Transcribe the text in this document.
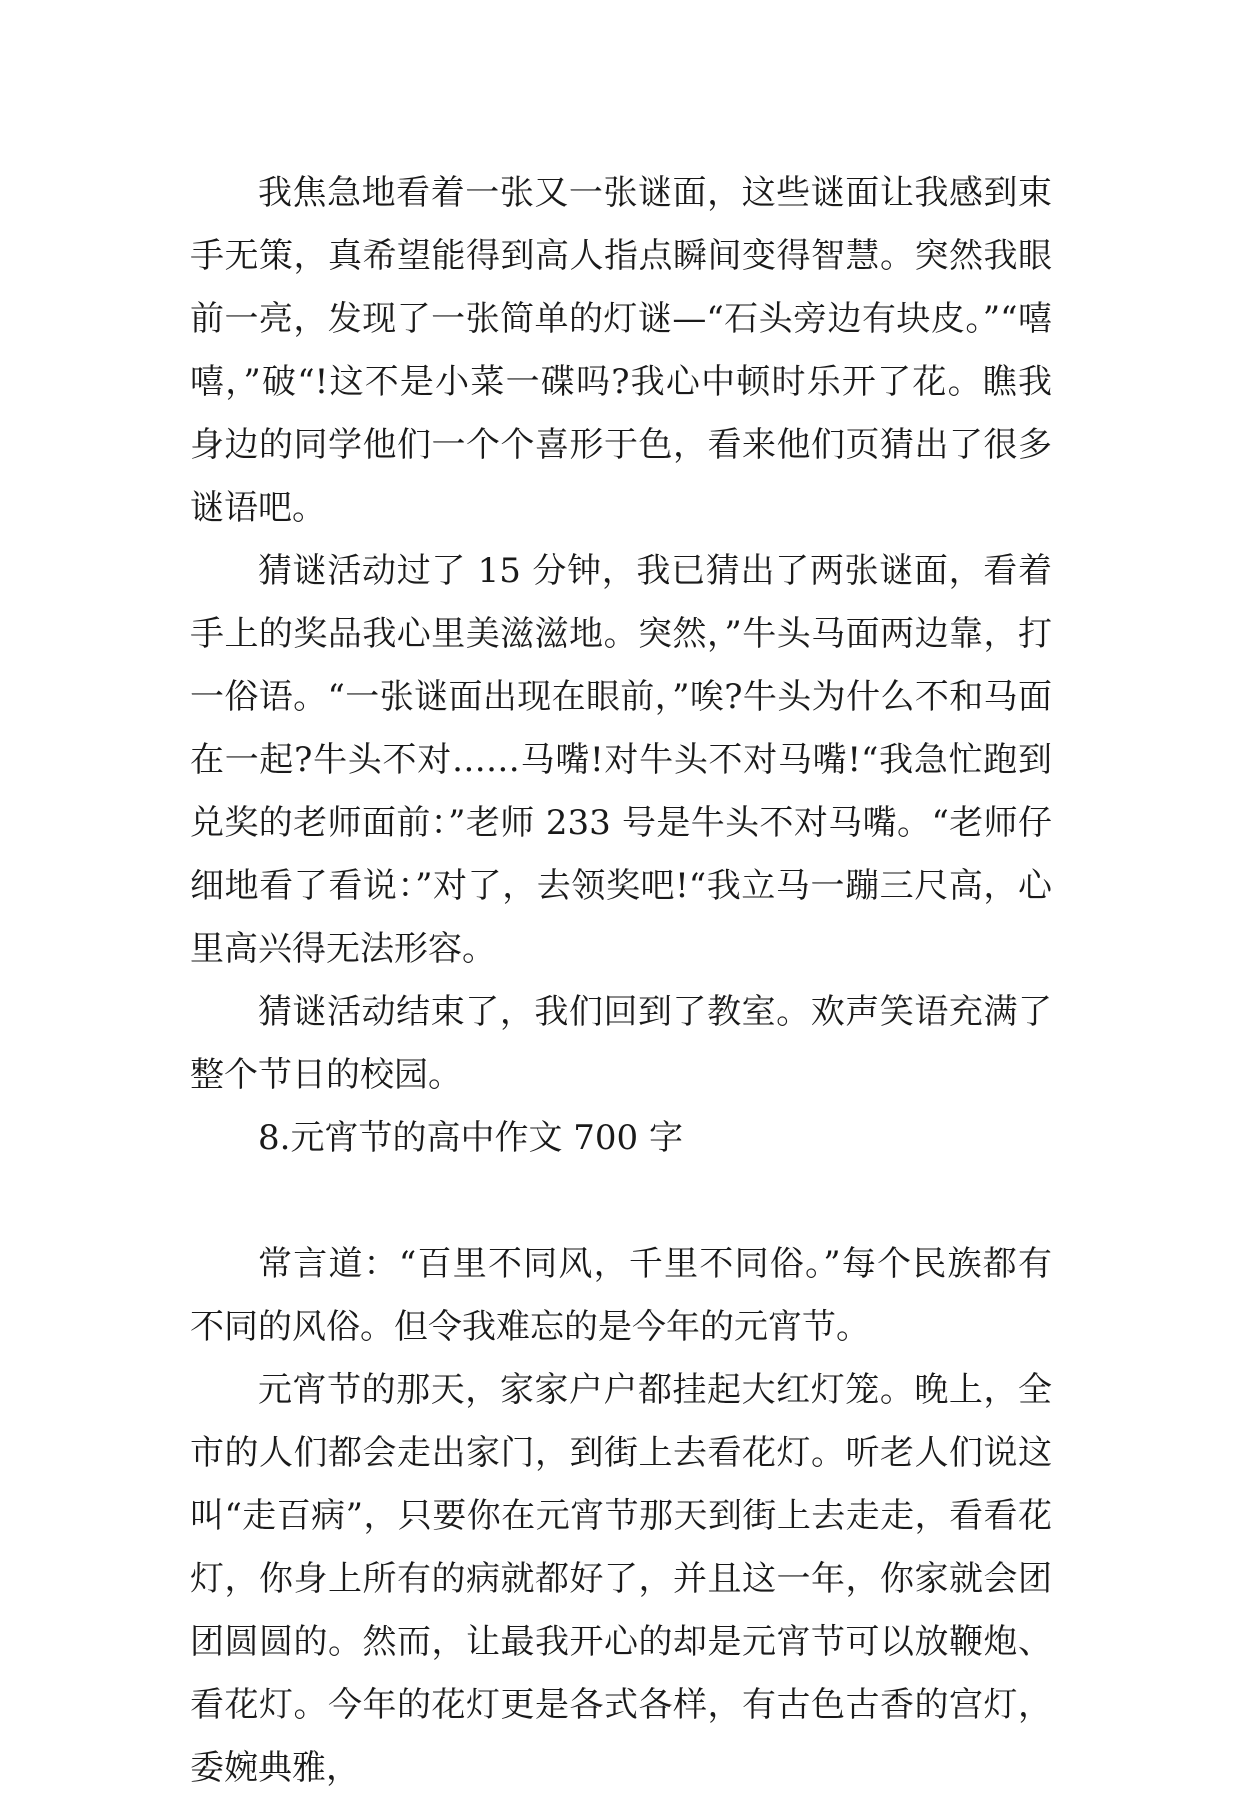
我焦急地看着一张又一张谜面，这些谜面让我感到束手无策，真希望能得到高人指点瞬间变得智慧。突然我眼前一亮，发现了一张简单的灯谜—“石头旁边有块皮。”“嘻嘻，”破“!这不是小菜一碟吗?我心中顿时乐开了花。瞧我身边的同学他们一个个喜形于色，看来他们页猜出了很多谜语吧。

猜谜活动过了 15 分钟，我已猜出了两张谜面，看着手上的奖品我心里美滋滋地。突然，”牛头马面两边靠，打一俗语。“一张谜面出现在眼前，”唉?牛头为什么不和马面在一起?牛头不对……马嘴!对牛头不对马嘴!“我急忙跑到兑奖的老师面前：”老师 233 号是牛头不对马嘴。“老师仔细地看了看说：”对了，去领奖吧!“我立马一蹦三尺高，心里高兴得无法形容。

猜谜活动结束了，我们回到了教室。欢声笑语充满了整个节日的校园。

8.元宵节的高中作文 700 字

常言道：“百里不同风，千里不同俗。”每个民族都有不同的风俗。但令我难忘的是今年的元宵节。

元宵节的那天，家家户户都挂起大红灯笼。晚上，全市的人们都会走出家门，到街上去看花灯。听老人们说这叫“走百病”，只要你在元宵节那天到街上去走走，看看花灯，你身上所有的病就都好了，并且这一年，你家就会团团圆圆的。然而，让最我开心的却是元宵节可以放鞭炮、看花灯。今年的花灯更是各式各样，有古色古香的宫灯，委婉典雅，
